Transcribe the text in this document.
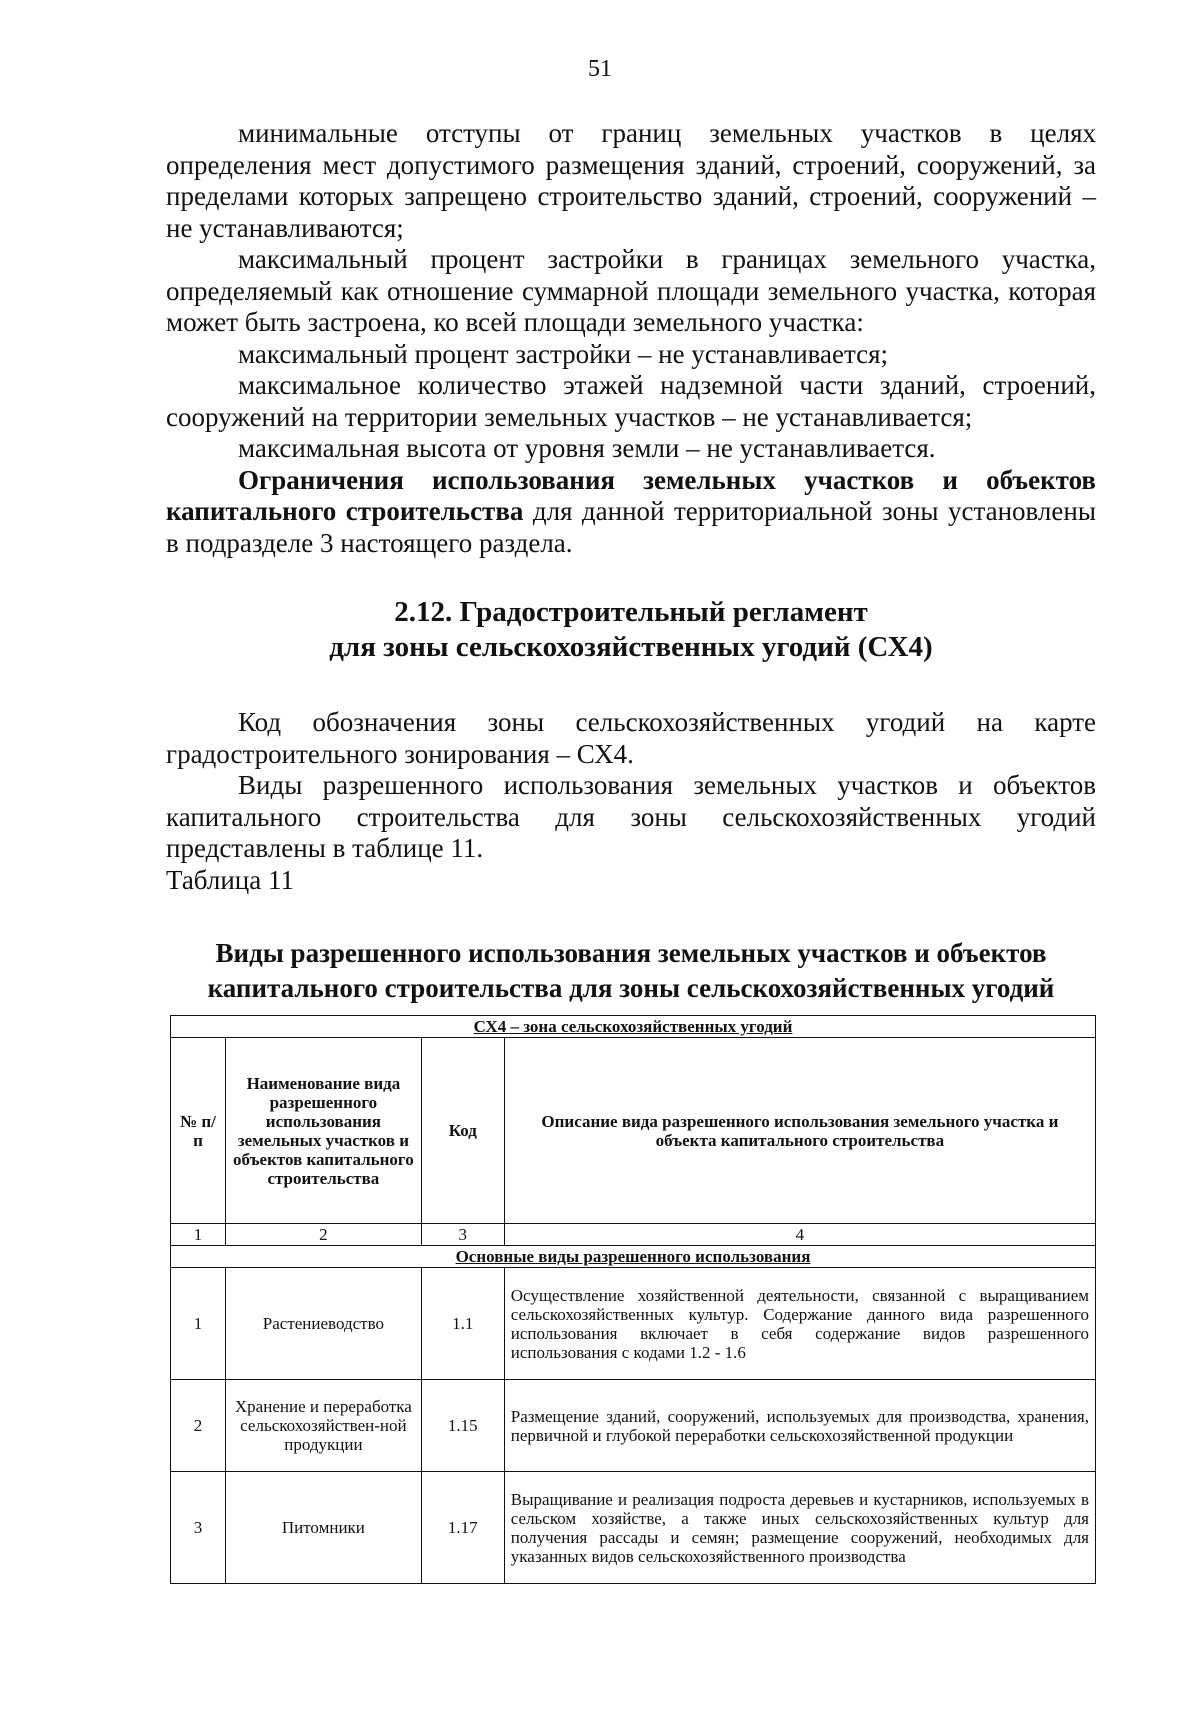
51

минимальные отступы от границ земельных участков в целях определения мест допустимого размещения зданий, строений, сооружений, за пределами которых запрещено строительство зданий, строений, сооружений – не устанавливаются;

максимальный процент застройки в границах земельного участка, определяемый как отношение суммарной площади земельного участка, которая может быть застроена, ко всей площади земельного участка:

максимальный процент застройки – не устанавливается;

максимальное количество этажей надземной части зданий, строений, сооружений на территории земельных участков – не устанавливается;

максимальная высота от уровня земли – не устанавливается.

Ограничения использования земельных участков и объектов капитального строительства для данной территориальной зоны установлены в подразделе 3 настоящего раздела.

2.12. Градостроительный регламент
для зоны сельскохозяйственных угодий (СХ4)

Код обозначения зоны сельскохозяйственных угодий на карте градостроительного зонирования – СХ4.

Виды разрешенного использования земельных участков и объектов капитального строительства для зоны сельскохозяйственных угодий представлены в таблице 11.

Таблица 11

Виды разрешенного использования земельных участков и объектов
капитального строительства для зоны сельскохозяйственных угодий
СХ4 – зона сельскохозяйственных угодий			
№ п/п	Наименование вида разрешенного использования земельных участков и объектов капитального строительства	Код	Описание вида разрешенного использования земельного участка и объекта капитального строительства
1	2	3	4
Основные виды разрешенного использования			
1	Растениеводство	1.1	Осуществление хозяйственной деятельности, связанной с выращиванием сельскохозяйственных культур. Содержание данного вида разрешенного использования включает в себя содержание видов разрешенного использования с кодами 1.2 - 1.6
2	Хранение и переработка сельскохозяйствен-ной продукции	1.15	Размещение зданий, сооружений, используемых для производства, хранения, первичной и глубокой переработки сельскохозяйственной продукции
3	Питомники	1.17	Выращивание и реализация подроста деревьев и кустарников, используемых в сельском хозяйстве, а также иных сельскохозяйственных культур для получения рассады и семян; размещение сооружений, необходимых для указанных видов сельскохозяйственного производства
